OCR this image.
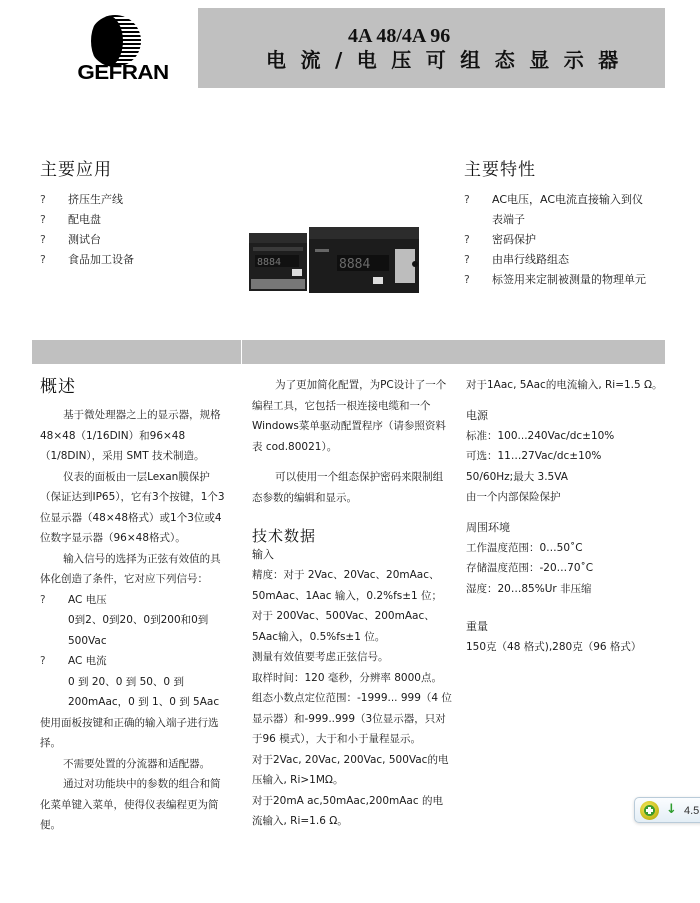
GEFRAN
4A 48/4A 96
电流/电压可组态显示器
主要应用
? 挤压生产线
? 配电盘
? 测试台
? 食品加工设备	8884	8884
主要特性
? AC电压，AC电流直接输入到仪
表端子
? 密码保护
? 由串行线路组态
? 标签用来定制被测量的物理单元
概述

基于微处理器之上的显示器，规格48×48（1/16DIN）和96×48（1/8DIN），采用 SMT 技术制造。

仪表的面板由一层Lexan膜保护（保证达到IP65），它有3个按键，1个3位显示器（48×48格式）或1个3位或4位数字显示器（96×48格式）。

输入信号的选择为正弦有效值的具体化创造了条件，它对应下列信号：

? AC 电压

0到2、0到20、0到200和0到 500Vac

? AC 电流

0 到 20、0 到 50、0 到 200mAac，0 到 1、0 到 5Aac

使用面板按键和正确的输入端子进行选择。

不需要处置的分流器和适配器。

通过对功能块中的参数的组合和简化菜单键入菜单，使得仪表编程更为简便。

为了更加简化配置，为PC设计了一个编程工具，它包括一根连接电缆和一个 Windows菜单驱动配置程序（请参照资料表 cod.80021）。

可以使用一个组态保护密码来限制组态参数的编辑和显示。

技术数据

输入

精度：对于 2Vac、20Vac、20mAac、50mAac、1Aac 输入，0.2%fs±1 位；

对于 200Vac、500Vac、200mAac、5Aac输入，0.5%fs±1 位。

测量有效值要考虑正弦信号。

取样时间：120 毫秒，分辨率 8000点。

组态小数点定位范围：-1999... 999（4 位显示器）和-999..999（3位显示器，只对于96 模式），大于和小于量程显示。

对于2Vac, 20Vac, 200Vac, 500Vac的电压输入, Ri>1MΩ。

对于20mA ac,50mAac,200mAac 的电流输入, Ri=1.6 Ω。

对于1Aac, 5Aac的电流输入, Ri=1.5 Ω。

电源

标准：100...240Vac/dc±10%

可选：11…27Vac/dc±10%

50/60Hz;最大 3.5VA

由一个内部保险保护

周围环境

工作温度范围：0…50˚C

存储温度范围：-20…70˚C

湿度：20…85%Ur 非压缩

重量

150克（48 格式),280克（96 格式）

↓ 4.5
